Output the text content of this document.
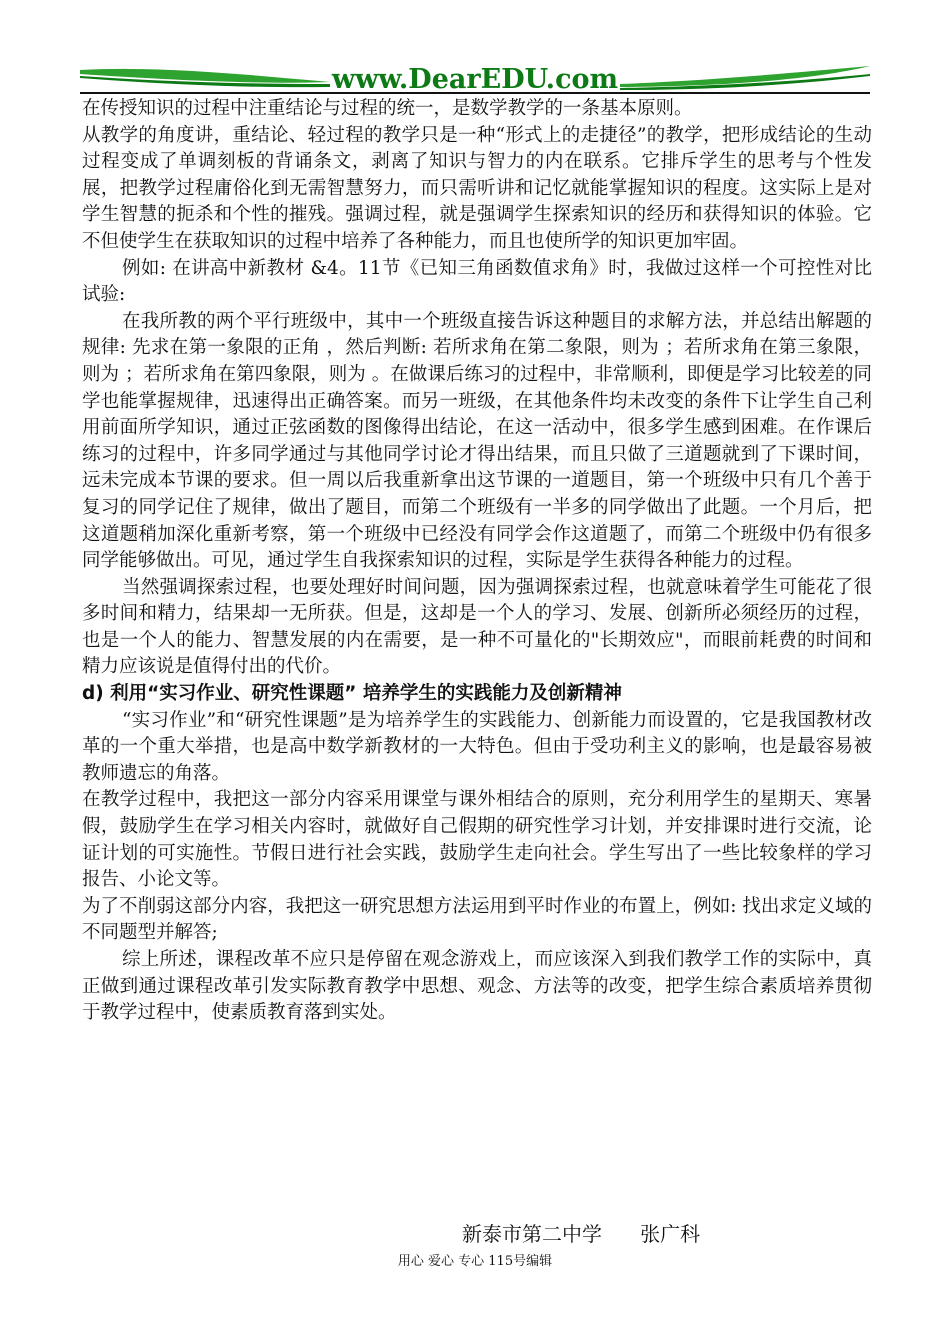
www.DearEDU.com

在传授知识的过程中注重结论与过程的统一，是数学教学的一条基本原则。

从教学的角度讲，重结论、轻过程的教学只是一种“形式上的走捷径”的教学，把形成结论的生动过程变成了单调刻板的背诵条文，剥离了知识与智力的内在联系。它排斥学生的思考与个性发展，把教学过程庸俗化到无需智慧努力，而只需听讲和记忆就能掌握知识的程度。这实际上是对学生智慧的扼杀和个性的摧残。强调过程，就是强调学生探索知识的经历和获得知识的体验。它不但使学生在获取知识的过程中培养了各种能力，而且也使所学的知识更加牢固。

例如: 在讲高中新教材 &4。11节《已知三角函数值求角》时，我做过这样一个可控性对比试验:

在我所教的两个平行班级中，其中一个班级直接告诉这种题目的求解方法，并总结出解题的规律: 先求在第一象限的正角 ，然后判断: 若所求角在第二象限，则为 ；若所求角在第三象限，则为 ；若所求角在第四象限，则为 。在做课后练习的过程中，非常顺利，即便是学习比较差的同学也能掌握规律，迅速得出正确答案。而另一班级，在其他条件均未改变的条件下让学生自己利用前面所学知识，通过正弦函数的图像得出结论，在这一活动中，很多学生感到困难。在作课后练习的过程中，许多同学通过与其他同学讨论才得出结果，而且只做了三道题就到了下课时间，远未完成本节课的要求。但一周以后我重新拿出这节课的一道题目，第一个班级中只有几个善于复习的同学记住了规律，做出了题目，而第二个班级有一半多的同学做出了此题。一个月后，把这道题稍加深化重新考察，第一个班级中已经没有同学会作这道题了，而第二个班级中仍有很多同学能够做出。可见，通过学生自我探索知识的过程，实际是学生获得各种能力的过程。

当然强调探索过程，也要处理好时间问题，因为强调探索过程，也就意味着学生可能花了很多时间和精力，结果却一无所获。但是，这却是一个人的学习、发展、创新所必须经历的过程，也是一个人的能力、智慧发展的内在需要，是一种不可量化的"长期效应"，而眼前耗费的时间和精力应该说是值得付出的代价。

d) 利用“实习作业、研究性课题” 培养学生的实践能力及创新精神

“实习作业”和“研究性课题”是为培养学生的实践能力、创新能力而设置的，它是我国教材改革的一个重大举措，也是高中数学新教材的一大特色。但由于受功利主义的影响，也是最容易被教师遗忘的角落。

在教学过程中，我把这一部分内容采用课堂与课外相结合的原则，充分利用学生的星期天、寒暑假，鼓励学生在学习相关内容时，就做好自己假期的研究性学习计划，并安排课时进行交流，论证计划的可实施性。节假日进行社会实践，鼓励学生走向社会。学生写出了一些比较象样的学习报告、小论文等。

为了不削弱这部分内容，我把这一研究思想方法运用到平时作业的布置上，例如: 找出求定义域的不同题型并解答;

综上所述，课程改革不应只是停留在观念游戏上，而应该深入到我们教学工作的实际中，真正做到通过课程改革引发实际教育教学中思想、观念、方法等的改变，把学生综合素质培养贯彻于教学过程中，使素质教育落到实处。

新泰市第二中学 张广科
用心 爱心 专心 115号编辑
